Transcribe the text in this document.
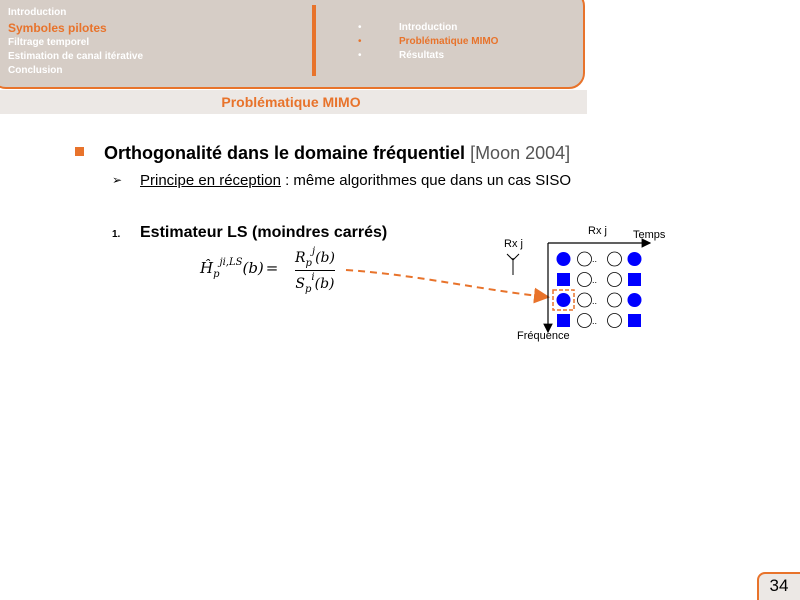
Introduction
Symboles pilotes
Filtrage temporel
Estimation de canal itérative
Conclusion
•	Introduction
•	Problématique MIMO
•	Résultats
Problématique MIMO
Orthogonalité dans le domaine fréquentiel [Moon 2004]
➢ Principe en réception : même algorithmes que dans un cas SISO
1. Estimateur LS (moindres carrés)
$Ĥ_p^{ji,LS}(b)$ =
$R_p^j(b)$
$S_p^i(b)$
Rx j
Rx j Temps
Fréquence
..
..
..
..
34
